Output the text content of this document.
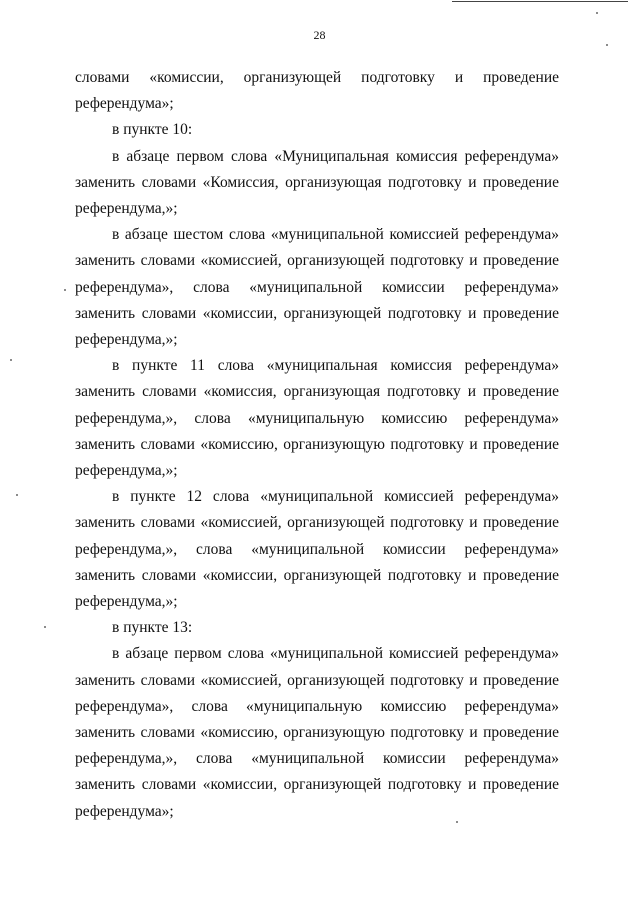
28

словами «комиссии, организующей подготовку и проведение референдума»;

в пункте 10:

в абзаце первом слова «Муниципальная комиссия референдума» заменить словами «Комиссия, организующая подготовку и проведение референдума,»;

в абзаце шестом слова «муниципальной комиссией референдума» заменить словами «комиссией, организующей подготовку и проведение референдума», слова «муниципальной комиссии референдума» заменить словами «комиссии, организующей подготовку и проведение референдума,»;

в пункте 11 слова «муниципальная комиссия референдума» заменить словами «комиссия, организующая подготовку и проведение референдума,», слова «муниципальную комиссию референдума» заменить словами «комиссию, организующую подготовку и проведение референдума,»;

в пункте 12 слова «муниципальной комиссией референдума» заменить словами «комиссией, организующей подготовку и проведение референдума,», слова «муниципальной комиссии референдума» заменить словами «комиссии, организующей подготовку и проведение референдума,»;

в пункте 13:

в абзаце первом слова «муниципальной комиссией референдума» заменить словами «комиссией, организующей подготовку и проведение референдума», слова «муниципальную комиссию референдума» заменить словами «комиссию, организующую подготовку и проведение референдума,», слова «муниципальной комиссии референдума» заменить словами «комиссии, организующей подготовку и проведение референдума»;
